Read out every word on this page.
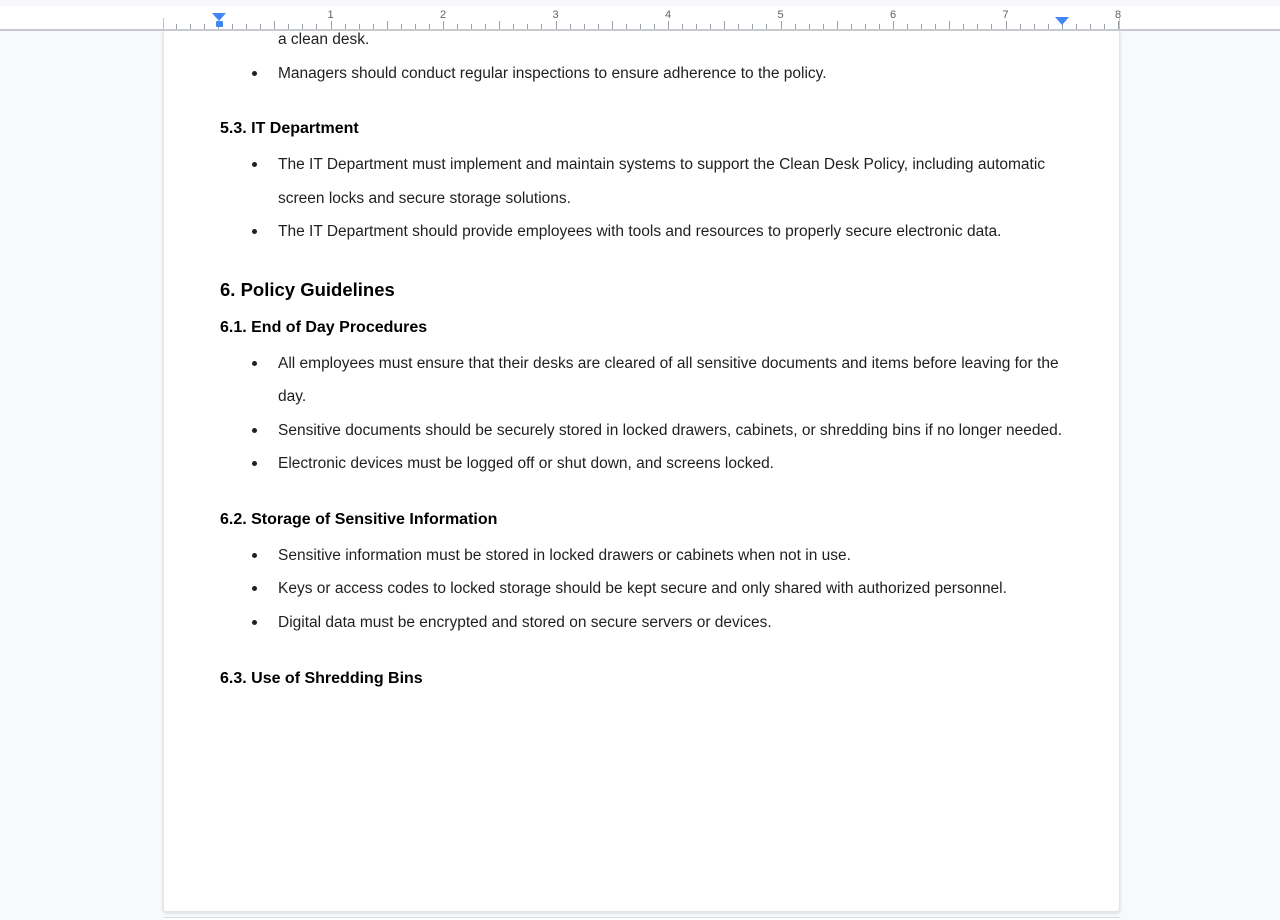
1	2	3	4	5	6	7	8
a clean desk.
Managers should conduct regular inspections to ensure adherence to the policy.
5.3. IT Department
The IT Department must implement and maintain systems to support the Clean Desk Policy, including automatic screen locks and secure storage solutions.
The IT Department should provide employees with tools and resources to properly secure electronic data.
6. Policy Guidelines
6.1. End of Day Procedures
All employees must ensure that their desks are cleared of all sensitive documents and items before leaving for the day.
Sensitive documents should be securely stored in locked drawers, cabinets, or shredding bins if no longer needed.
Electronic devices must be logged off or shut down, and screens locked.
6.2. Storage of Sensitive Information
Sensitive information must be stored in locked drawers or cabinets when not in use.
Keys or access codes to locked storage should be kept secure and only shared with authorized personnel.
Digital data must be encrypted and stored on secure servers or devices.
6.3. Use of Shredding Bins
